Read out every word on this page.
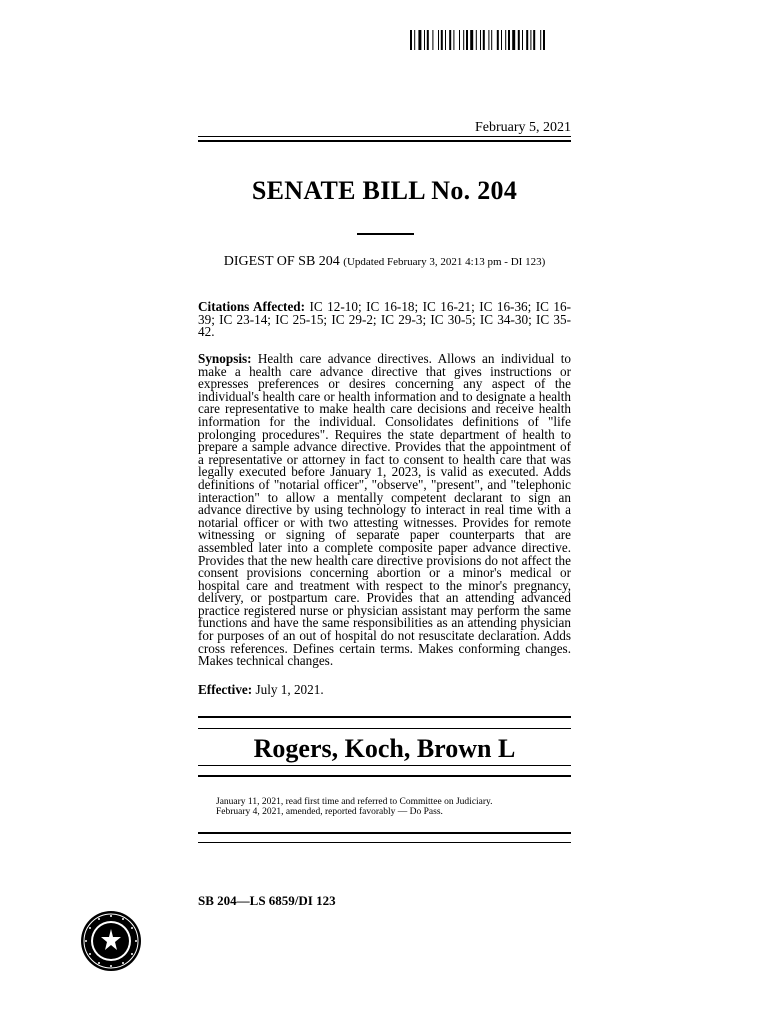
February 5, 2021
SENATE BILL No. 204
DIGEST OF SB 204 (Updated February 3, 2021 4:13 pm - DI 123)
Citations Affected: IC 12-10; IC 16-18; IC 16-21; IC 16-36; IC 16-39; IC 23-14; IC 25-15; IC 29-2; IC 29-3; IC 30-5; IC 34-30; IC 35-42.
Synopsis: Health care advance directives. Allows an individual to make a health care advance directive that gives instructions or expresses preferences or desires concerning any aspect of the individual's health care or health information and to designate a health care representative to make health care decisions and receive health information for the individual. Consolidates definitions of "life prolonging procedures". Requires the state department of health to prepare a sample advance directive. Provides that the appointment of a representative or attorney in fact to consent to health care that was legally executed before January 1, 2023, is valid as executed. Adds definitions of "notarial officer", "observe", "present", and "telephonic interaction" to allow a mentally competent declarant to sign an advance directive by using technology to interact in real time with a notarial officer or with two attesting witnesses. Provides for remote witnessing or signing of separate paper counterparts that are assembled later into a complete composite paper advance directive. Provides that the new health care directive provisions do not affect the consent provisions concerning abortion or a minor's medical or hospital care and treatment with respect to the minor's pregnancy, delivery, or postpartum care. Provides that an attending advanced practice registered nurse or physician assistant may perform the same functions and have the same responsibilities as an attending physician for purposes of an out of hospital do not resuscitate declaration. Adds cross references. Defines certain terms. Makes conforming changes. Makes technical changes.
Effective: July 1, 2021.
Rogers, Koch, Brown L
January 11, 2021, read first time and referred to Committee on Judiciary.
February 4, 2021, amended, reported favorably — Do Pass.
SB 204—LS 6859/DI 123
